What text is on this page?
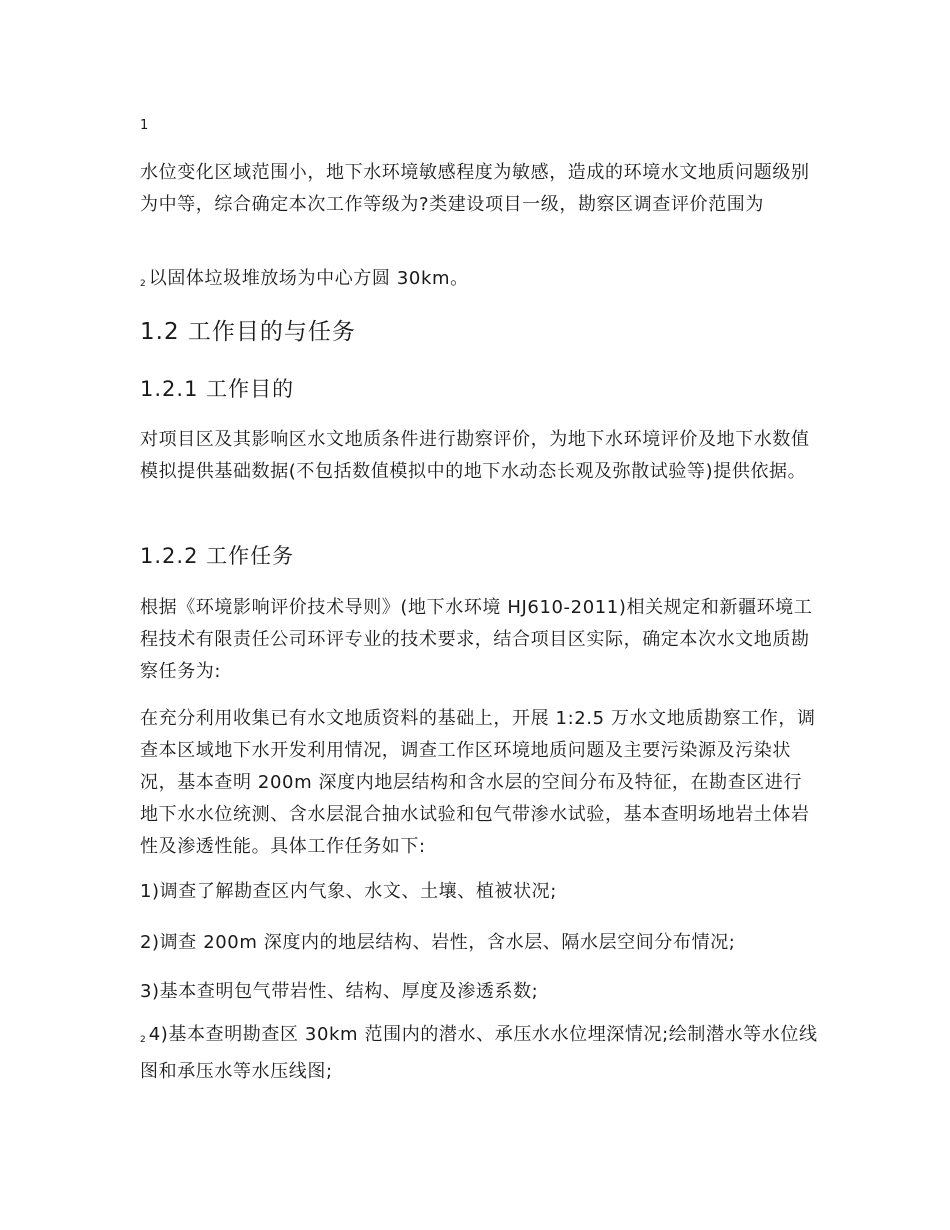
1

水位变化区域范围小，地下水环境敏感程度为敏感，造成的环境水文地质问题级别为中等，综合确定本次工作等级为?类建设项目一级，勘察区调查评价范围为

$_2$ 以固体垃圾堆放场为中心方圆 30km。

1.2 工作目的与任务
1.2.1 工作目的

对项目区及其影响区水文地质条件进行勘察评价，为地下水环境评价及地下水数值模拟提供基础数据(不包括数值模拟中的地下水动态长观及弥散试验等)提供依据。

1.2.2 工作任务

根据《环境影响评价技术导则》(地下水环境 HJ610-2011)相关规定和新疆环境工程技术有限责任公司环评专业的技术要求，结合项目区实际，确定本次水文地质勘察任务为:

在充分利用收集已有水文地质资料的基础上，开展 1:2.5 万水文地质勘察工作，调查本区域地下水开发利用情况，调查工作区环境地质问题及主要污染源及污染状况，基本查明 200m 深度内地层结构和含水层的空间分布及特征，在勘查区进行地下水水位统测、含水层混合抽水试验和包气带渗水试验，基本查明场地岩土体岩性及渗透性能。具体工作任务如下:

1)调查了解勘查区内气象、水文、土壤、植被状况;

2)调查 200m 深度内的地层结构、岩性，含水层、隔水层空间分布情况;

3)基本查明包气带岩性、结构、厚度及渗透系数;

$_2$ 4)基本查明勘查区 30km 范围内的潜水、承压水水位埋深情况;绘制潜水等水位线图和承压水等水压线图;
